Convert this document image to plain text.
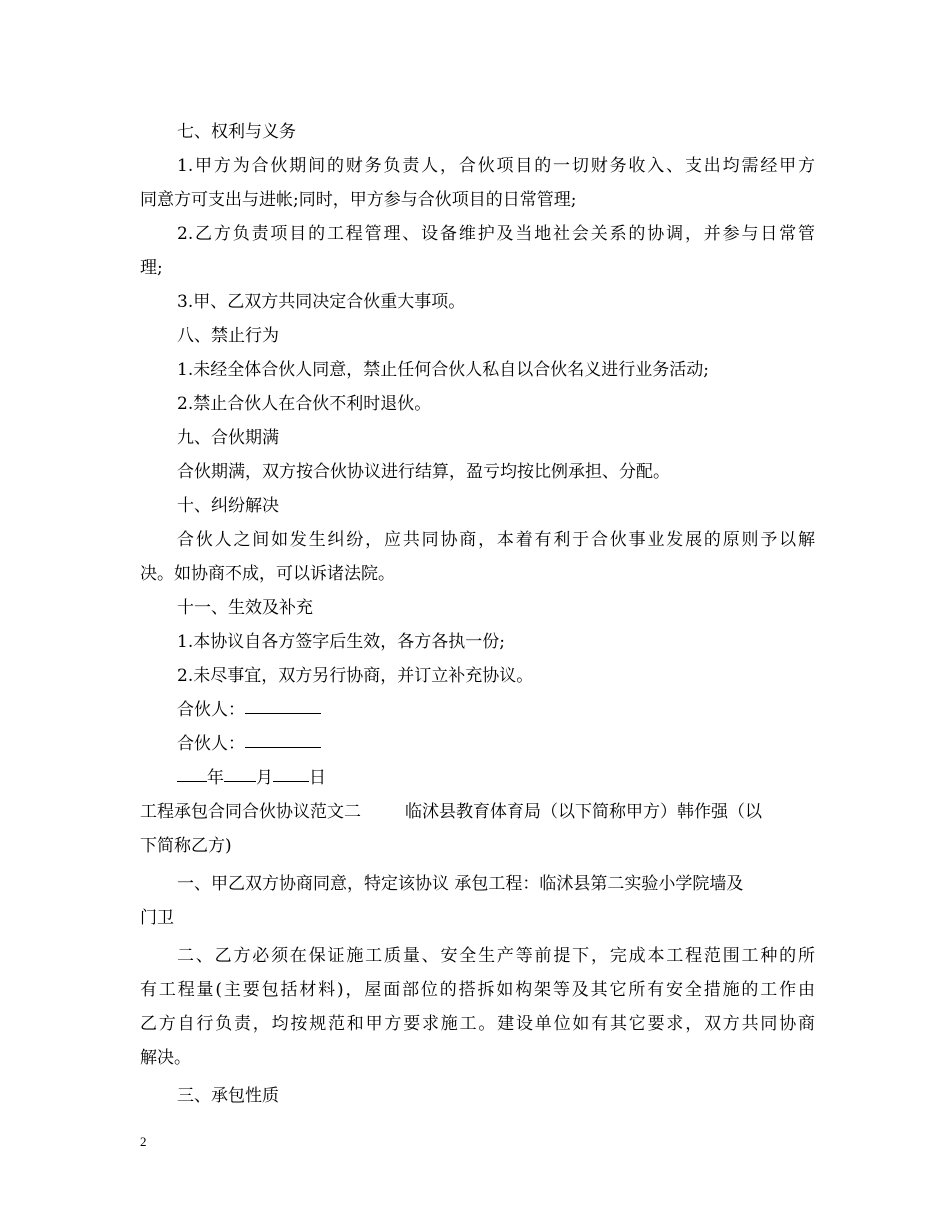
七、权利与义务
1.甲方为合伙期间的财务负责人，合伙项目的一切财务收入、支出均需经甲方
同意方可支出与进帐;同时，甲方参与合伙项目的日常管理;
2.乙方负责项目的工程管理、设备维护及当地社会关系的协调，并参与日常管
理;
3.甲、乙双方共同决定合伙重大事项。
八、禁止行为
1.未经全体合伙人同意，禁止任何合伙人私自以合伙名义进行业务活动;
2.禁止合伙人在合伙不利时退伙。
九、合伙期满
合伙期满，双方按合伙协议进行结算，盈亏均按比例承担、分配。
十、纠纷解决
合伙人之间如发生纠纷，应共同协商，本着有利于合伙事业发展的原则予以解
决。如协商不成，可以诉诸法院。
十一、生效及补充
1.本协议自各方签字后生效，各方各执一份;
2.未尽事宜，双方另行协商，并订立补充协议。
合伙人：
合伙人：
年 月 日
工程承包合同合伙协议范文二	临沭县教育体育局（以下简称甲方）韩作强（以
下简称乙方)
一、甲乙双方协商同意，特定该协议 承包工程：临沭县第二实验小学院墙及
门卫
二、乙方必须在保证施工质量、安全生产等前提下，完成本工程范围工种的所
有工程量(主要包括材料)，屋面部位的搭拆如构架等及其它所有安全措施的工作由
乙方自行负责，均按规范和甲方要求施工。建设单位如有其它要求，双方共同协商
解决。
三、承包性质
2
